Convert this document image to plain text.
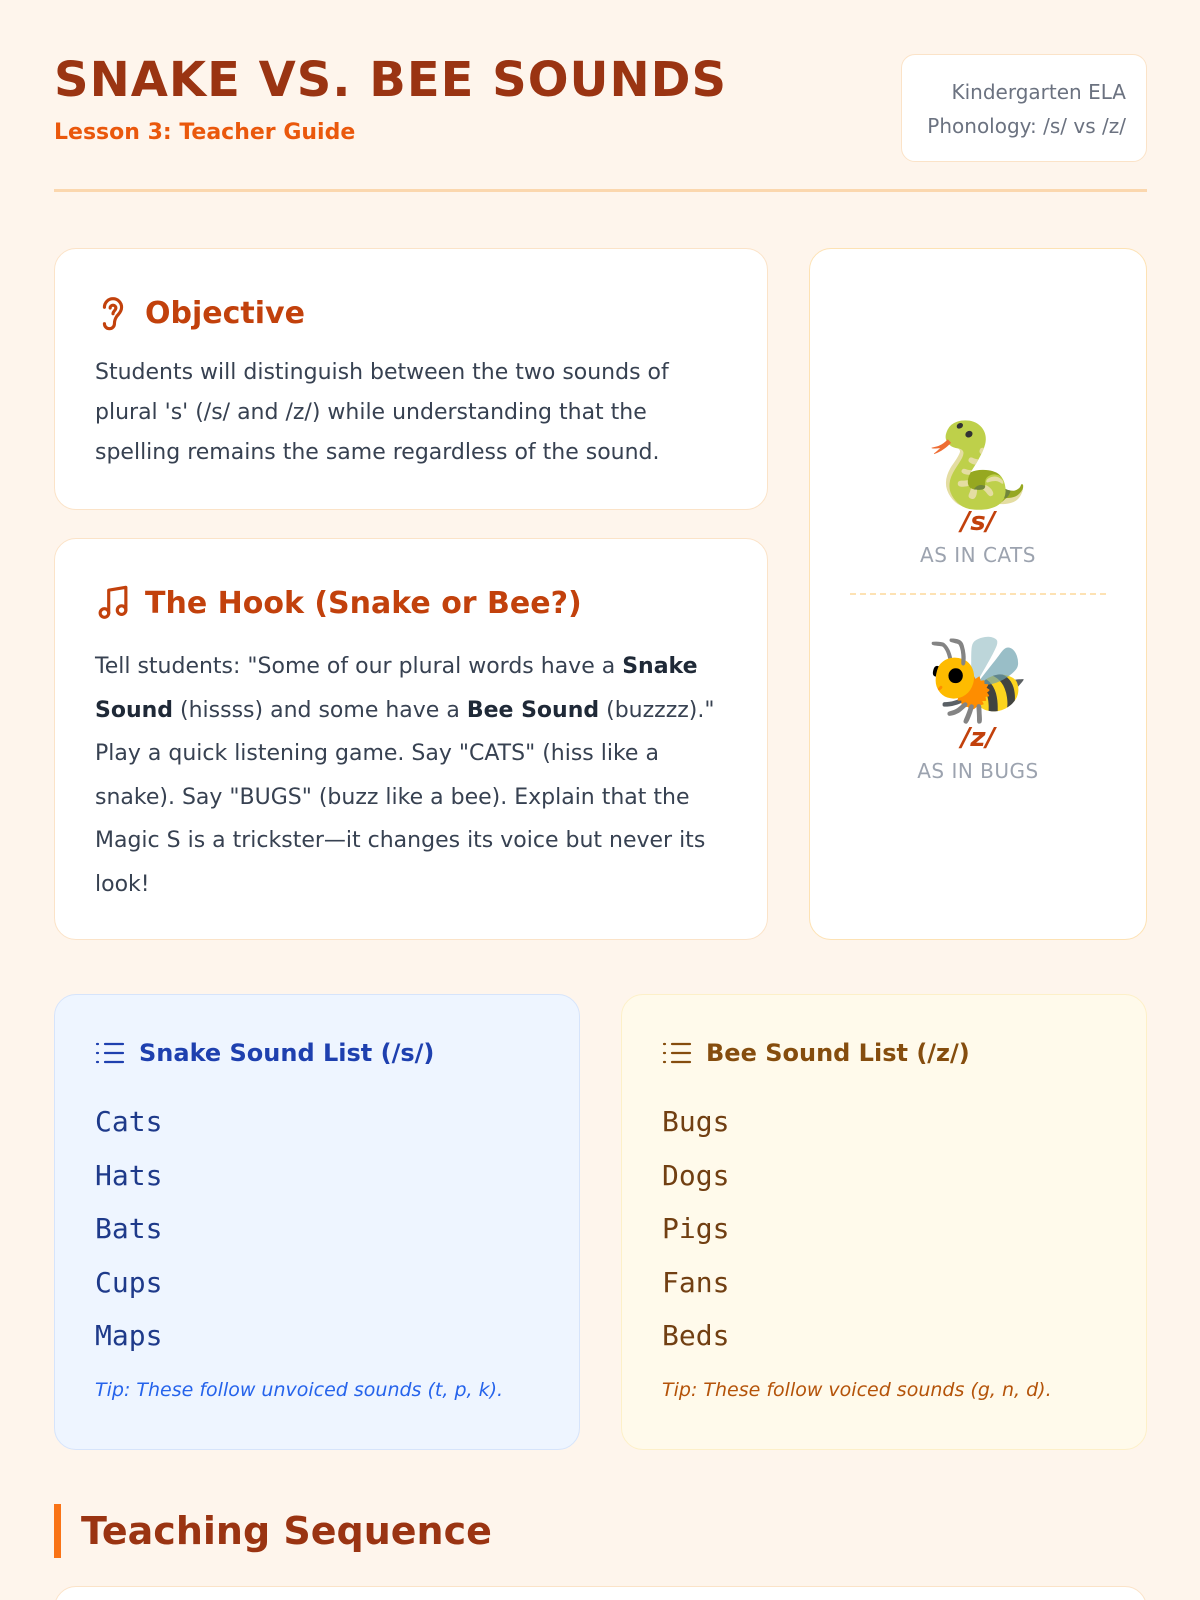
SNAKE VS. BEE SOUNDS
Lesson 3: Teacher Guide
Kindergarten ELA
Phonology: /s/ vs /z/
Objective
Students will distinguish between the two sounds of plural 's' (/s/ and /z/) while understanding that the spelling remains the same regardless of the sound.
The Hook (Snake or Bee?)
Tell students: "Some of our plural words have a Snake Sound (hissss) and some have a Bee Sound (buzzzz)." Play a quick listening game. Say "CATS" (hiss like a snake). Say "BUGS" (buzz like a bee). Explain that the Magic S is a trickster—it changes its voice but never its look!
🐍
/s/
AS IN CATS
🐝
/z/
AS IN BUGS
Snake Sound List (/s/)
Cats
Hats
Bats
Cups
Maps
Tip: These follow unvoiced sounds (t, p, k).
Bee Sound List (/z/)
Bugs
Dogs
Pigs
Fans
Beds
Tip: These follow voiced sounds (g, n, d).
Teaching Sequence
